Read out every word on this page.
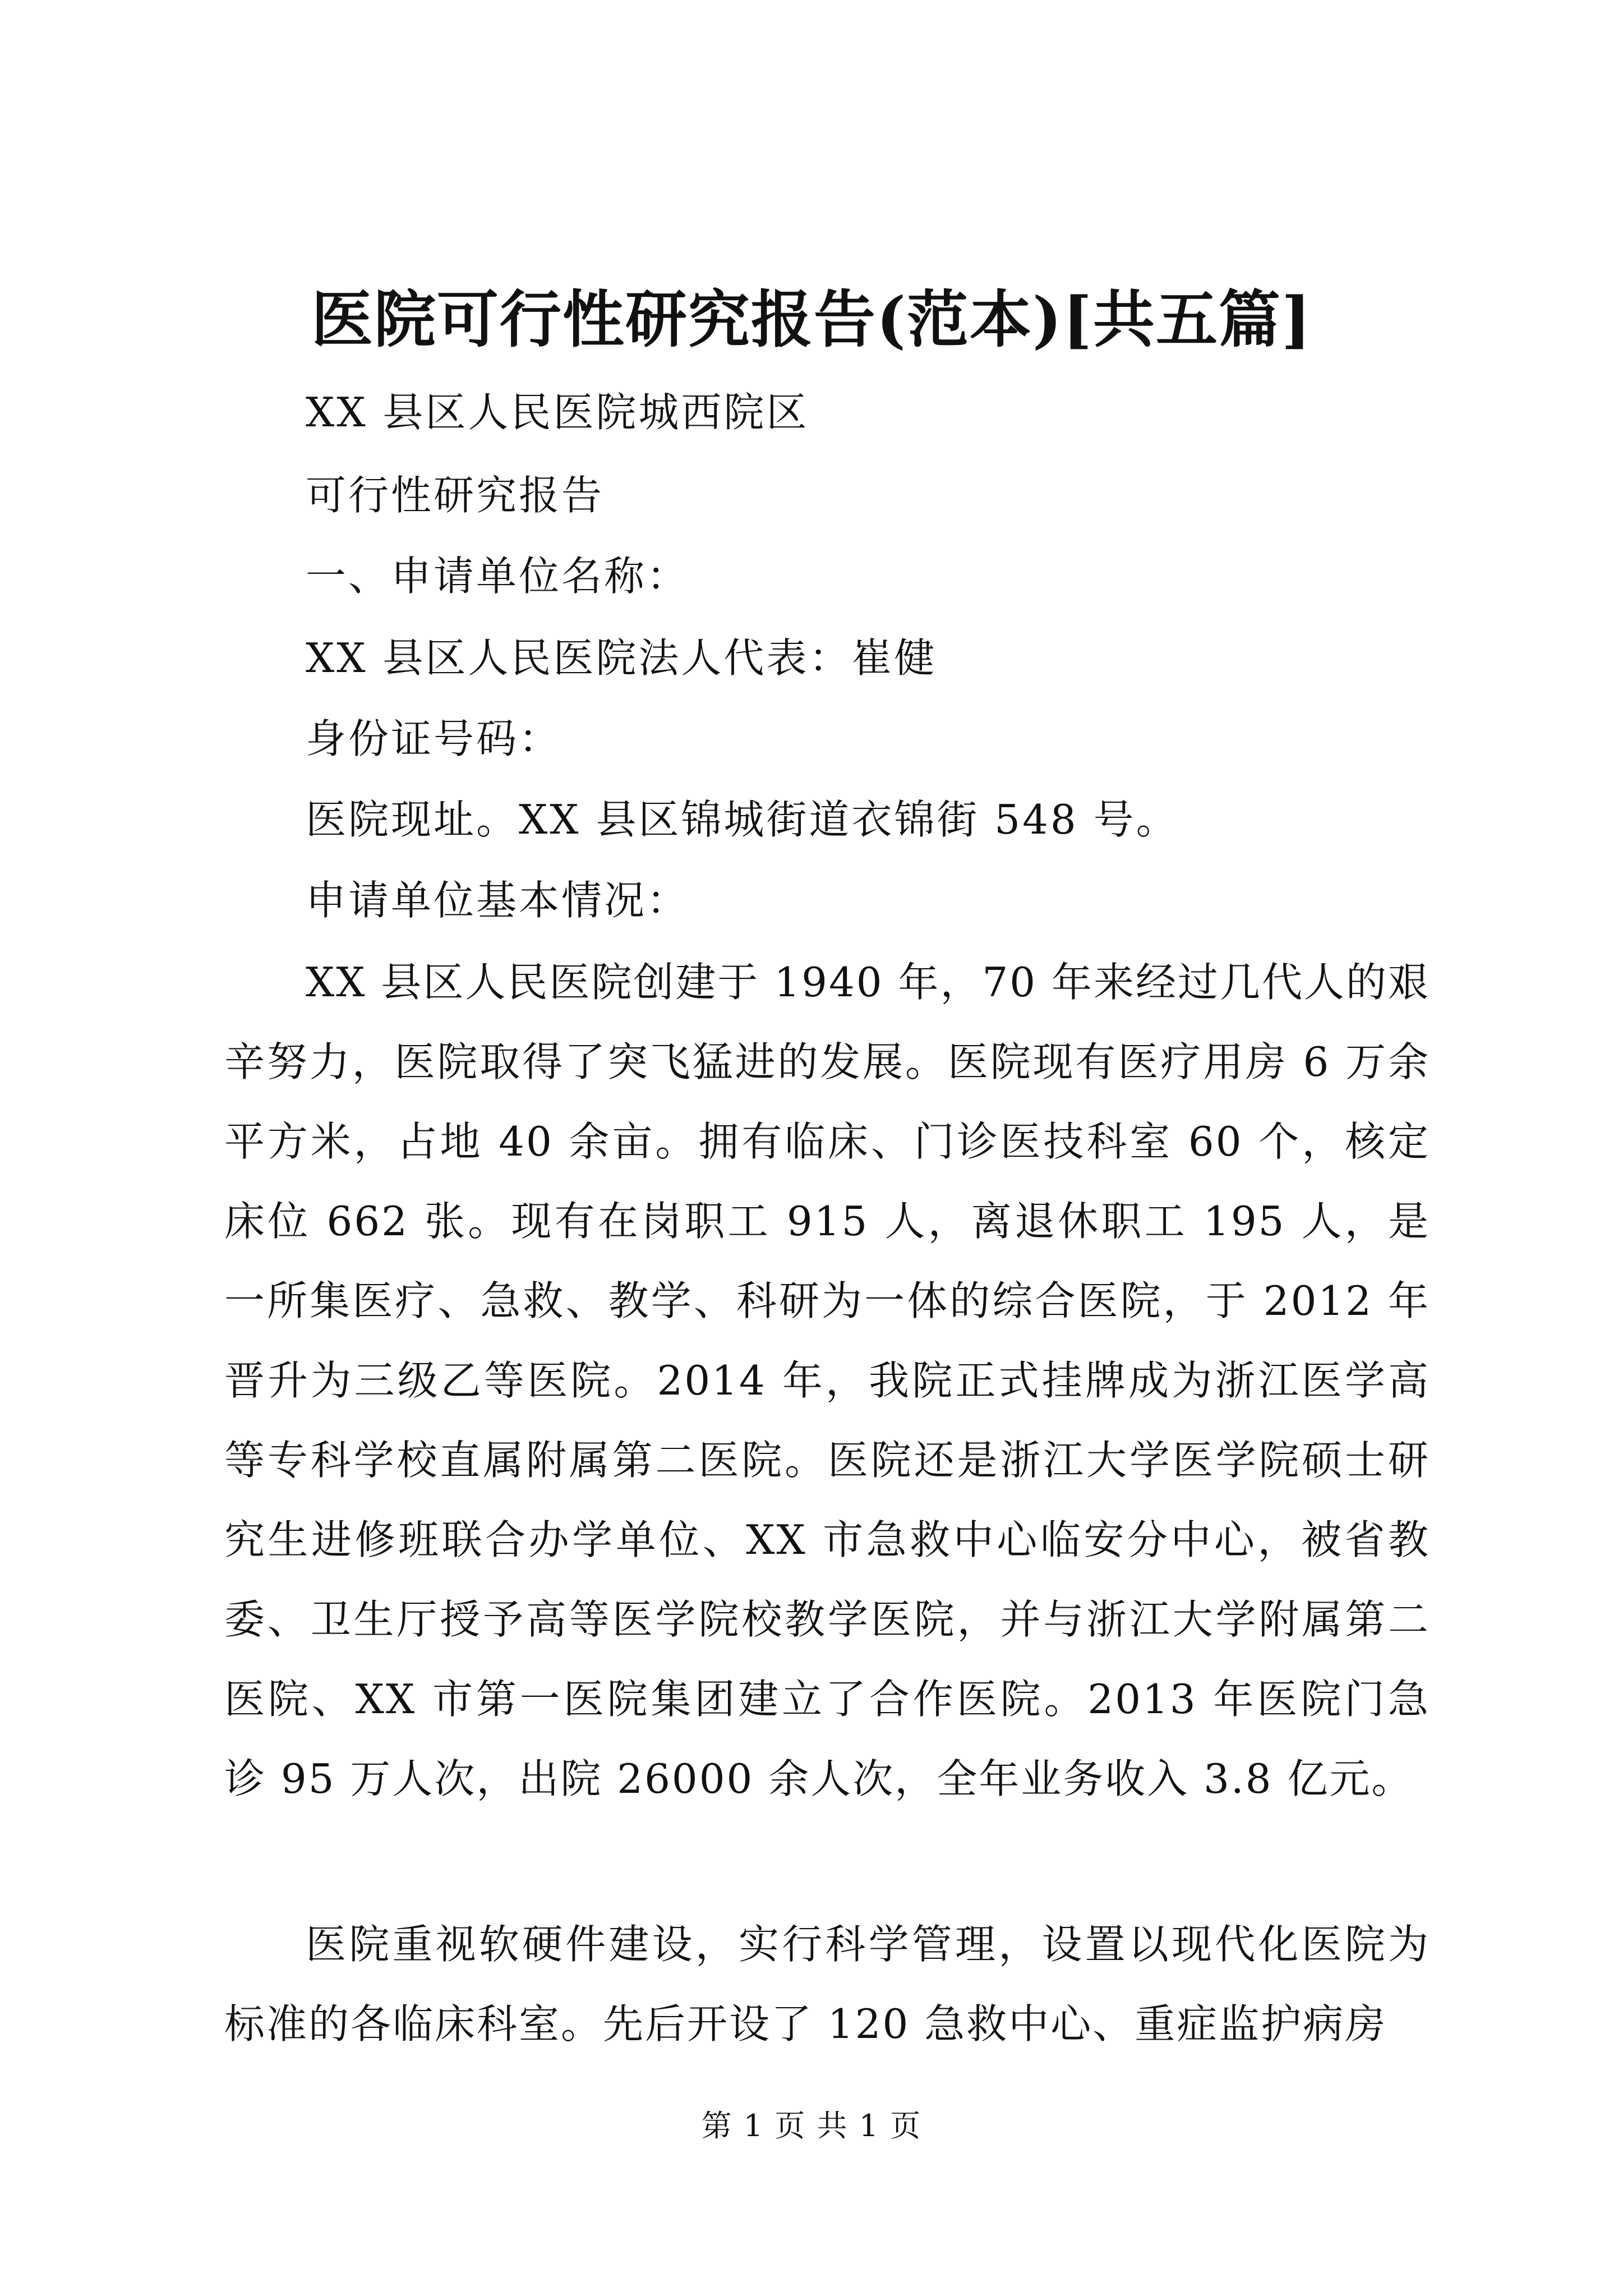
医院可行性研究报告(范本)[共五篇]
XX 县区人民医院城西院区
可行性研究报告
一、申请单位名称：
XX 县区人民医院法人代表：崔健
身份证号码：
医院现址。XX 县区锦城街道衣锦街 548 号。
申请单位基本情况：

XX 县区人民医院创建于 1940 年，70 年来经过几代人的艰辛努力，医院取得了突飞猛进的发展。医院现有医疗用房 6 万余平方米，占地 40 余亩。拥有临床、门诊医技科室 60 个，核定床位 662 张。现有在岗职工 915 人，离退休职工 195 人，是一所集医疗、急救、教学、科研为一体的综合医院，于 2012 年晋升为三级乙等医院。2014 年，我院正式挂牌成为浙江医学高等专科学校直属附属第二医院。医院还是浙江大学医学院硕士研究生进修班联合办学单位、XX 市急救中心临安分中心，被省教委、卫生厅授予高等医学院校教学医院，并与浙江大学附属第二医院、XX 市第一医院集团建立了合作医院。2013 年医院门急诊 95 万人次，出院 26000 余人次，全年业务收入 3.8 亿元。

医院重视软硬件建设，实行科学管理，设置以现代化医院为标准的各临床科室。先后开设了 120 急救中心、重症监护病房

第 1 页 共 1 页
